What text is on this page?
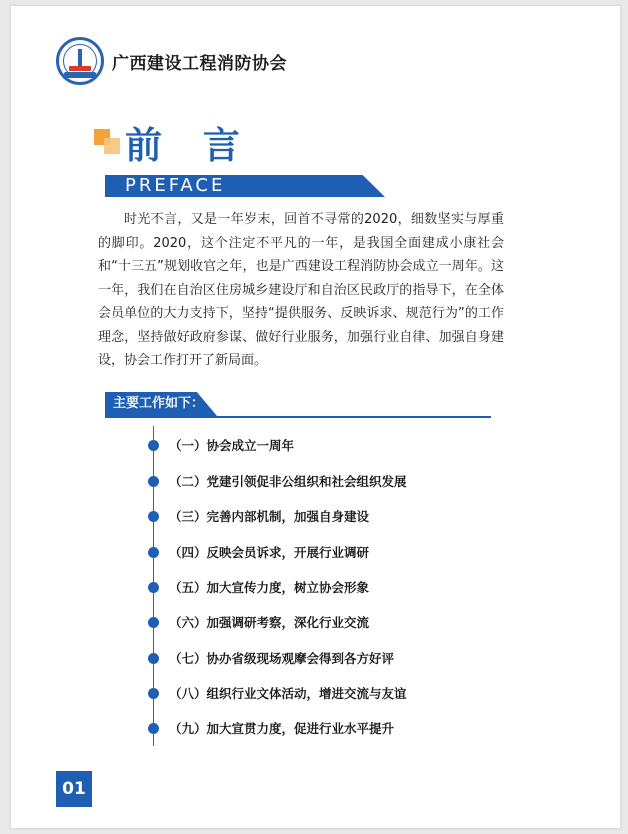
广西建设工程消防协会
前 言
PREFACE

时光不言，又是一年岁末，回首不寻常的2020，细数坚实与厚重的脚印。2020，这个注定不平凡的一年，是我国全面建成小康社会和“十三五”规划收官之年，也是广西建设工程消防协会成立一周年。这一年，我们在自治区住房城乡建设厅和自治区民政厅的指导下，在全体会员单位的大力支持下，坚持“提供服务、反映诉求、规范行为”的工作理念，坚持做好政府参谋、做好行业服务，加强行业自律、加强自身建设，协会工作打开了新局面。

主要工作如下：
（一）协会成立一周年
（二）党建引领促非公组织和社会组织发展
（三）完善内部机制，加强自身建设
（四）反映会员诉求，开展行业调研
（五）加大宣传力度，树立协会形象
（六）加强调研考察，深化行业交流
（七）协办省级现场观摩会得到各方好评
（八）组织行业文体活动，增进交流与友谊
（九）加大宣贯力度，促进行业水平提升
01
